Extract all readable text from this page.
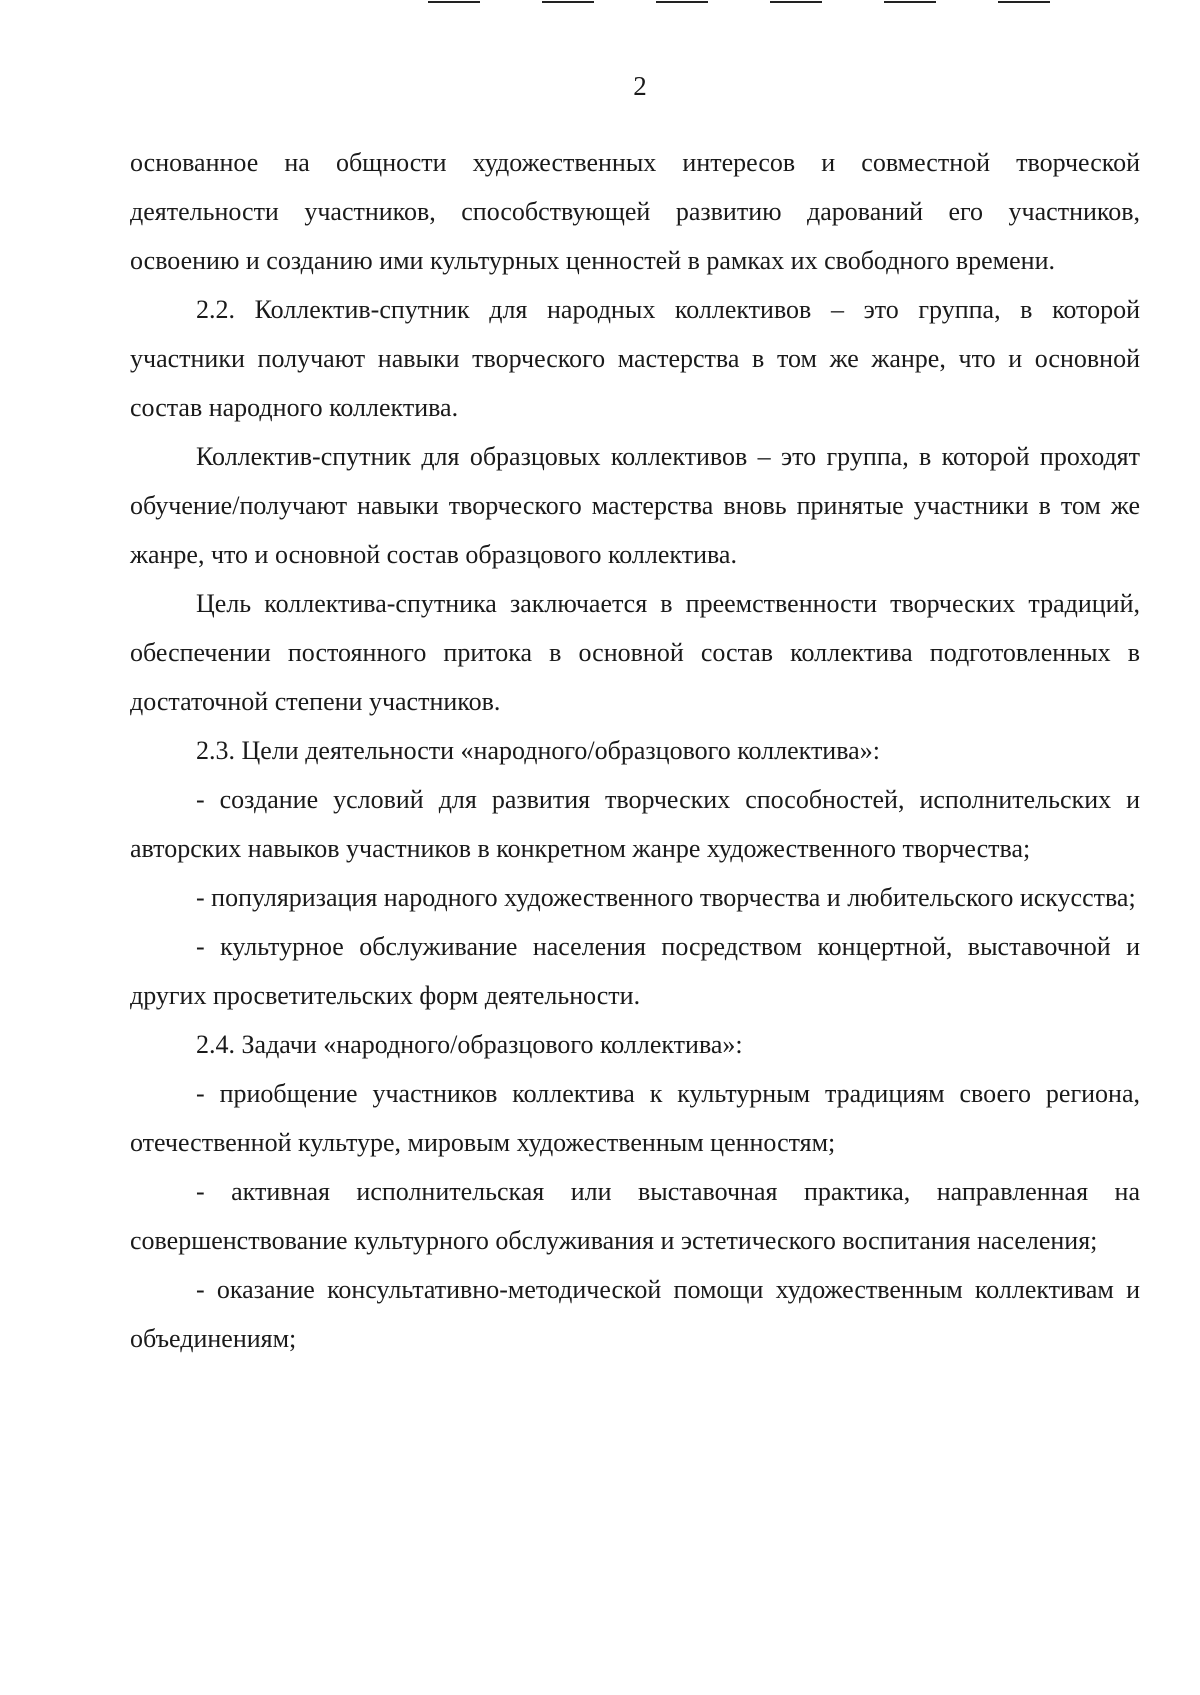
2

основанное на общности художественных интересов и совместной творческой деятельности участников, способствующей развитию дарований его участников, освоению и созданию ими культурных ценностей в рамках их свободного времени.

2.2. Коллектив-спутник для народных коллективов – это группа, в которой участники получают навыки творческого мастерства в том же жанре, что и основной состав народного коллектива.

Коллектив-спутник для образцовых коллективов – это группа, в которой проходят обучение/получают навыки творческого мастерства вновь принятые участники в том же жанре, что и основной состав образцового коллектива.

Цель коллектива-спутника заключается в преемственности творческих традиций, обеспечении постоянного притока в основной состав коллектива подготовленных в достаточной степени участников.

2.3. Цели деятельности «народного/образцового коллектива»:

- создание условий для развития творческих способностей, исполнительских и авторских навыков участников в конкретном жанре художественного творчества;

- популяризация народного художественного творчества и любительского искусства;

- культурное обслуживание населения посредством концертной, выставочной и других просветительских форм деятельности.

2.4. Задачи «народного/образцового коллектива»:

- приобщение участников коллектива к культурным традициям своего региона, отечественной культуре, мировым художественным ценностям;

- активная исполнительская или выставочная практика, направленная на совершенствование культурного обслуживания и эстетического воспитания населения;

- оказание консультативно-методической помощи художественным коллективам и объединениям;
